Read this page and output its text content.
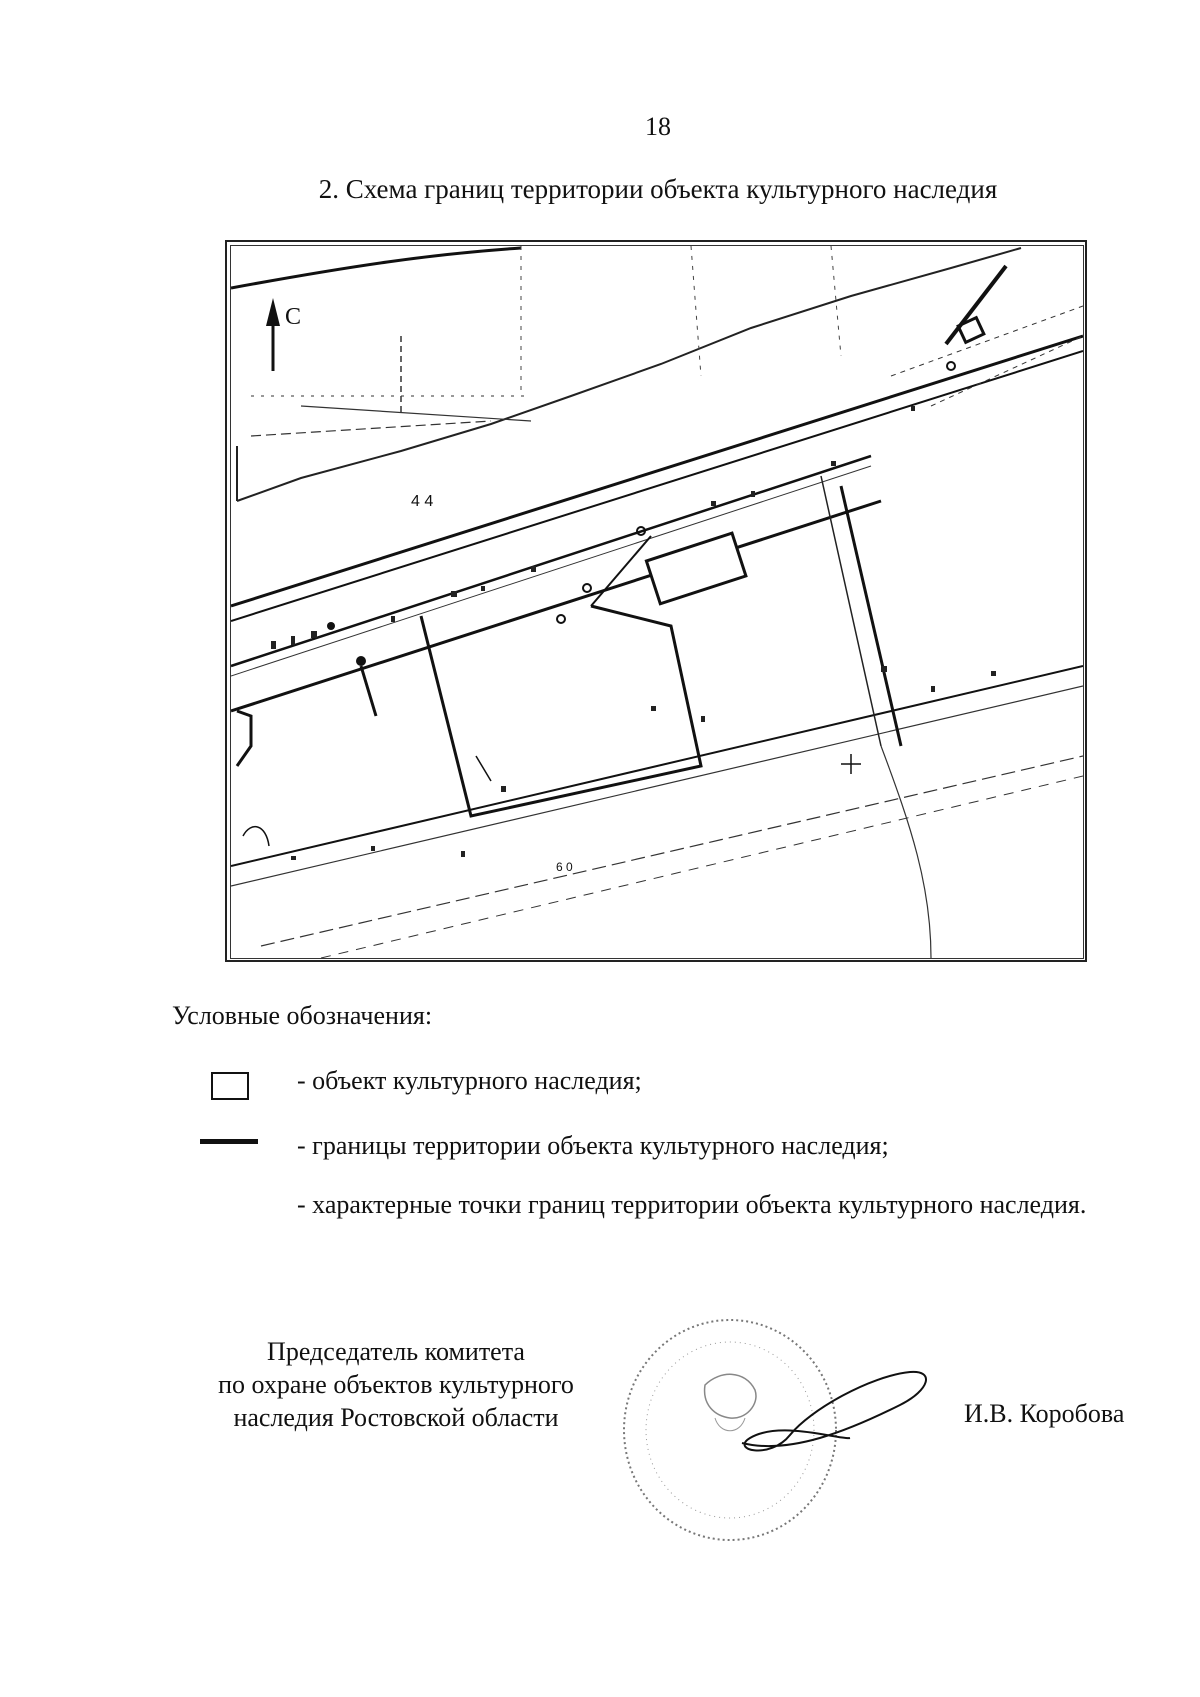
18
2. Схема границ территории объекта культурного наследия
С
4 4
6 0
Условные обозначения:
- объект культурного наследия;
- границы территории объекта культурного наследия;
- характерные точки границ территории объекта культурного наследия.
Председатель комитета
по охране объектов культурного
наследия Ростовской области	И.В. Коробова
